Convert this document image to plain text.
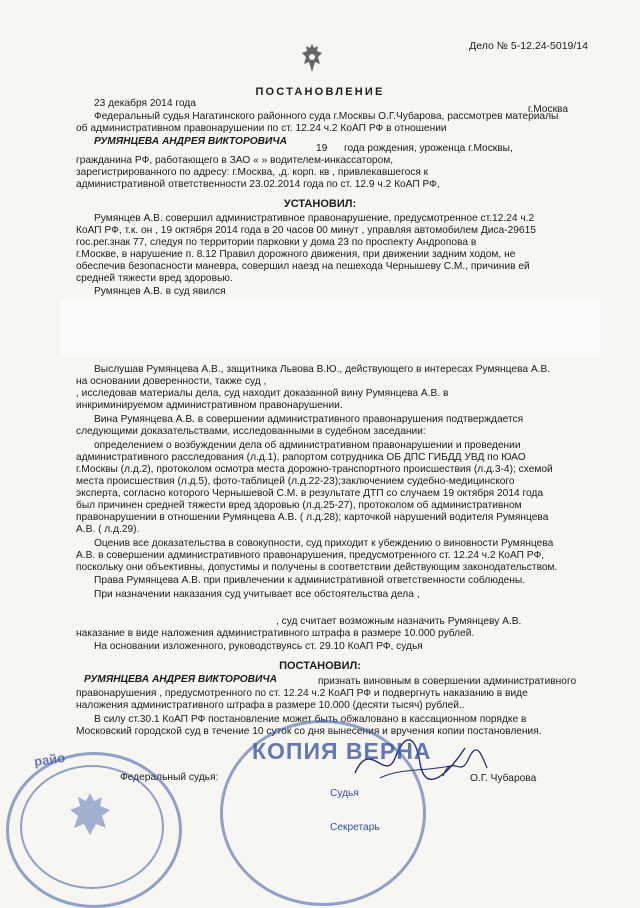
Дело № 5-12.24-5019/14
ПОСТАНОВЛЕНИЕ
23 декабря 2014 года
г.Москва
Федеральный судья Нагатинского районного суда г.Москвы О.Г.Чубарова, рассмотрев материалы
об административном правонарушении по ст. 12.24 ч.2 КоАП РФ в отношении
РУМЯНЦЕВА АНДРЕЯ ВИКТОРОВИЧА
19 года рождения, уроженца г.Москвы,
гражданина РФ, работающего в ЗАО « » водителем-инкассатором,
зарегистрированного по адресу: г.Москва, ,д. корп. кв , привлекавшегося к
административной ответственности 23.02.2014 года по ст. 12.9 ч.2 КоАП РФ,
УСТАНОВИЛ:
Румянцев А.В. совершил административное правонарушение, предусмотренное ст.12.24 ч.2
КоАП РФ, т.к. он , 19 октября 2014 года в 20 часов 00 минут , управляя автомобилем Диса-29615
гос.рег.знак 77, следуя по территории парковки у дома 23 по проспекту Андропова в
г.Москве, в нарушение п. 8.12 Правил дорожного движения, при движении задним ходом, не
обеспечив безопасности маневра, совершил наезд на пешехода Чернышеву С.М., причинив ей
средней тяжести вред здоровью.
Румянцев А.В. в суд явился
Выслушав Румянцева А.В., защитника Львова В.Ю., действующего в интересах Румянцева А.В.
на основании доверенности, также суд ,
, исследовав материалы дела, суд находит доказанной вину Румянцева А.В. в
инкриминируемом административном правонарушении.
Вина Румянцева А.В. в совершении административного правонарушения подтверждается
следующими доказательствами, исследованными в судебном заседании:
определением о возбуждении дела об административном правонарушении и проведении
административного расследования (л.д.1), рапортом сотрудника ОБ ДПС ГИБДД УВД по ЮАО
г.Москвы (л.д.2), протоколом осмотра места дорожно-транспортного происшествия (л.д.3-4); схемой
места происшествия (л.д.5), фото-таблицей (л.д.22-23);заключением судебно-медицинского
эксперта, согласно которого Чернышевой С.М. в результате ДТП со случаем 19 октября 2014 года
был причинен средней тяжести вред здоровью (л.д.25-27), протоколом об административном
правонарушении в отношении Румянцева А.В. ( л.д.28); карточкой нарушений водителя Румянцева
А.В. ( л.д.29).
Оценив все доказательства в совокупности, суд приходит к убеждению о виновности Румянцева
А.В. в совершении административного правонарушения, предусмотренного ст. 12.24 ч.2 КоАП РФ,
поскольку они объективны, допустимы и получены в соответствии действующим законодательством.
Права Румянцева А.В. при привлечении к административной ответственности соблюдены.
При назначении наказания суд учитывает все обстоятельства дела ,
, суд считает возможным назначить Румянцеву А.В.
наказание в виде наложения административного штрафа в размере 10.000 рублей.
На основании изложенного, руководствуясь ст. 29.10 КоАП РФ, судья
ПОСТАНОВИЛ:
РУМЯНЦЕВА АНДРЕЯ ВИКТОРОВИЧА	признать виновным в совершении административного
правонарушения , предусмотренного по ст. 12.24 ч.2 КоАП РФ и подвергнуть наказанию в виде
наложения административного штрафа в размере 10.000 (десяти тысяч) рублей..
В силу ст.30.1 КоАП РФ постановление может быть обжаловано в кассационном порядке в
Московский городской суд в течение 10 суток со дня вынесения и вручения копии постановления.
Федеральный судья:	О.Г. Чубарова
Судья
Секретарь
райо	КОПИЯ ВЕРНА
